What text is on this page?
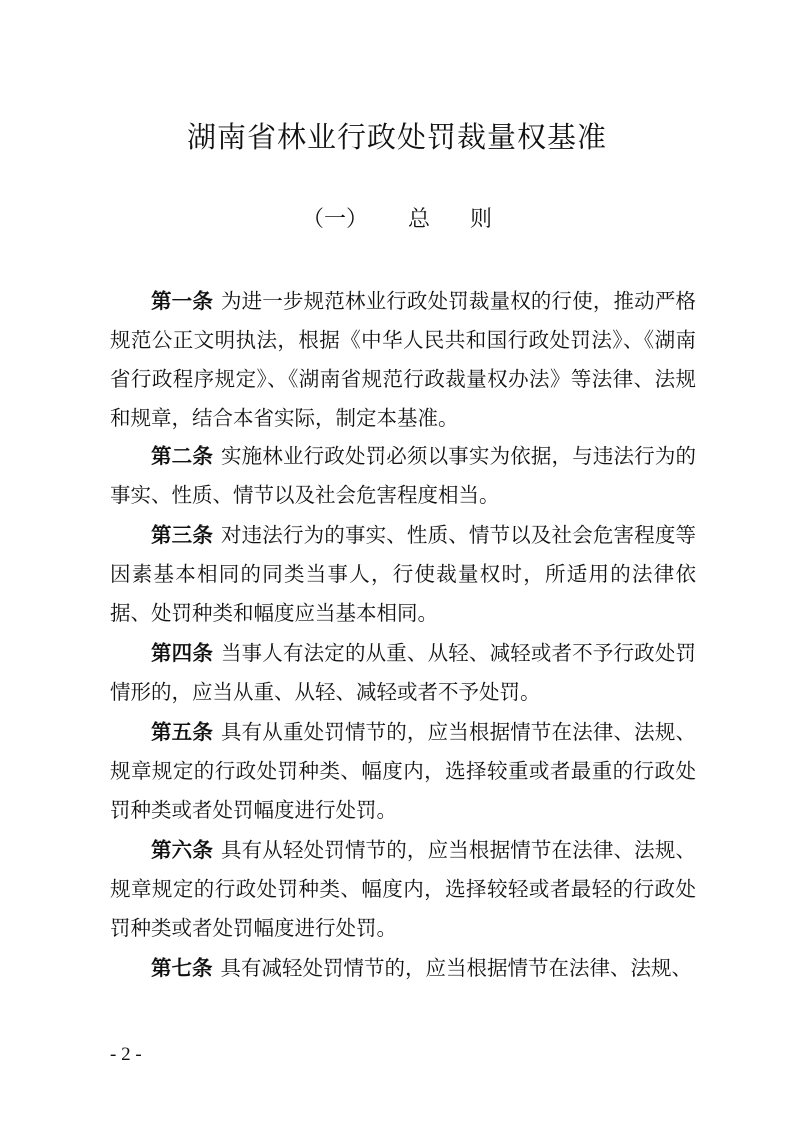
湖南省林业行政处罚裁量权基准
（一） 总 则
第一条 为进一步规范林业行政处罚裁量权的行使，推动严格规范公正文明执法，根据《中华人民共和国行政处罚法》、《湖南省行政程序规定》、《湖南省规范行政裁量权办法》等法律、法规和规章，结合本省实际，制定本基准。
第二条 实施林业行政处罚必须以事实为依据，与违法行为的事实、性质、情节以及社会危害程度相当。
第三条 对违法行为的事实、性质、情节以及社会危害程度等因素基本相同的同类当事人，行使裁量权时，所适用的法律依据、处罚种类和幅度应当基本相同。
第四条 当事人有法定的从重、从轻、减轻或者不予行政处罚情形的，应当从重、从轻、减轻或者不予处罚。
第五条 具有从重处罚情节的，应当根据情节在法律、法规、规章规定的行政处罚种类、幅度内，选择较重或者最重的行政处罚种类或者处罚幅度进行处罚。
第六条 具有从轻处罚情节的，应当根据情节在法律、法规、规章规定的行政处罚种类、幅度内，选择较轻或者最轻的行政处罚种类或者处罚幅度进行处罚。
第七条 具有减轻处罚情节的，应当根据情节在法律、法规、
- 2 -
